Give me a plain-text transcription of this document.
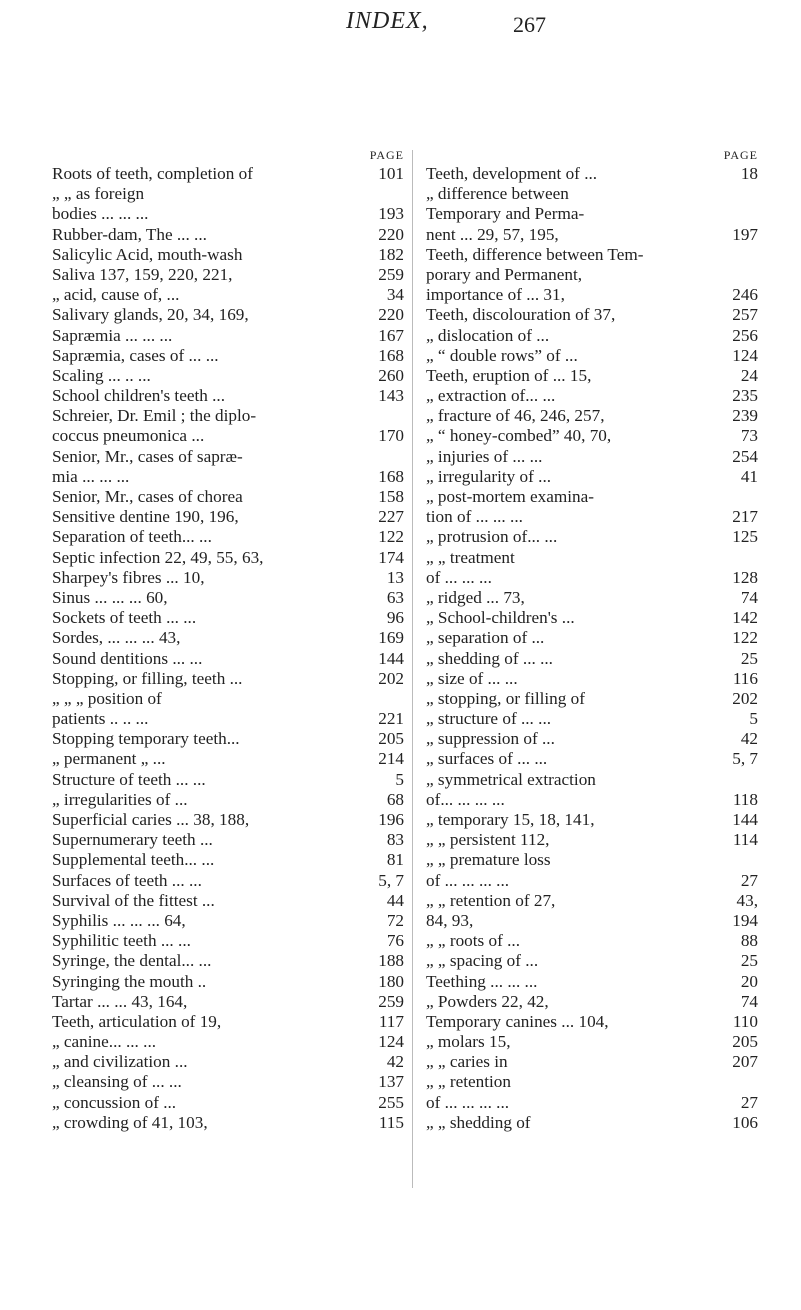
INDEX,	267
PAGE
Roots of teeth, completion of	101
„ „ as foreign
bodies ... ... ...	193
Rubber-dam, The ... ...	220
Salicylic Acid, mouth-wash	182
Saliva 137, 159, 220, 221,	259
„ acid, cause of, ...	34
Salivary glands, 20, 34, 169,	220
Sapræmia ... ... ...	167
Sapræmia, cases of ... ...	168
Scaling ... .. ...	260
School children's teeth ...	143
Schreier, Dr. Emil ; the diplo-
coccus pneumonica ...	170
Senior, Mr., cases of sapræ-
mia ... ... ...	168
Senior, Mr., cases of chorea	158
Sensitive dentine 190, 196,	227
Separation of teeth... ...	122
Septic infection 22, 49, 55, 63,	174
Sharpey's fibres ... 10,	13
Sinus ... ... ... 60,	63
Sockets of teeth ... ...	96
Sordes, ... ... ... 43,	169
Sound dentitions ... ...	144
Stopping, or filling, teeth ...	202
„ „ „ position of
patients .. .. ...	221
Stopping temporary teeth...	205
„ permanent „ ...	214
Structure of teeth ... ...	5
„ irregularities of ...	68
Superficial caries ... 38, 188,	196
Supernumerary teeth ...	83
Supplemental teeth... ...	81
Surfaces of teeth ... ...	5, 7
Survival of the fittest ...	44
Syphilis ... ... ... 64,	72
Syphilitic teeth ... ...	76
Syringe, the dental... ...	188
Syringing the mouth ..	180
Tartar ... ... 43, 164,	259
Teeth, articulation of 19,	117
„ canine... ... ...	124
„ and civilization ...	42
„ cleansing of ... ...	137
„ concussion of ...	255
„ crowding of 41, 103,	115
PAGE
Teeth, development of ...	18
„ difference between
Temporary and Perma-
nent ... 29, 57, 195,	197
Teeth, difference between Tem-
porary and Permanent,
importance of ... 31,	246
Teeth, discolouration of 37,	257
„ dislocation of ...	256
„ “ double rows” of ...	124
Teeth, eruption of ... 15,	24
„ extraction of... ...	235
„ fracture of 46, 246, 257,	239
„ “ honey-combed” 40, 70,	73
„ injuries of ... ...	254
„ irregularity of ...	41
„ post-mortem examina-
tion of ... ... ...	217
„ protrusion of... ...	125
„ „ treatment
of ... ... ...	128
„ ridged ... 73,	74
„ School-children's ...	142
„ separation of ...	122
„ shedding of ... ...	25
„ size of ... ...	116
„ stopping, or filling of	202
„ structure of ... ...	5
„ suppression of ...	42
„ surfaces of ... ...	5, 7
„ symmetrical extraction
of... ... ... ...	118
„ temporary 15, 18, 141,	144
„ „ persistent 112,	114
„ „ premature loss
of ... ... ... ...	27
„ „ retention of 27,	43,
84, 93,	194
„ „ roots of ...	88
„ „ spacing of ...	25
Teething ... ... ...	20
„ Powders 22, 42,	74
Temporary canines ... 104,	110
„ molars 15,	205
„ „ caries in	207
„ „ retention
of ... ... ... ...	27
„ „ shedding of	106
